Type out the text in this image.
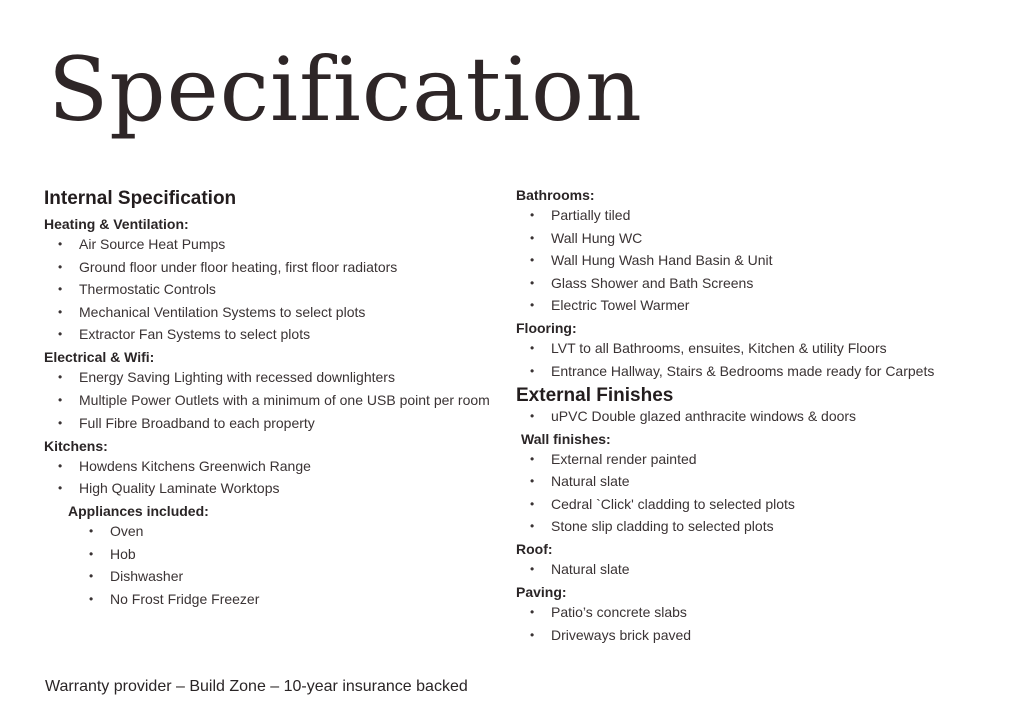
Specification
Internal Specification
Heating & Ventilation:
• Air Source Heat Pumps
• Ground floor under floor heating, first floor radiators
• Thermostatic Controls
• Mechanical Ventilation Systems to select plots
• Extractor Fan Systems to select plots
Electrical & Wifi:
• Energy Saving Lighting with recessed downlighters
• Multiple Power Outlets with a minimum of one USB point per room
• Full Fibre Broadband to each property
Kitchens:
• Howdens Kitchens Greenwich Range
• High Quality Laminate Worktops
Appliances included:
• Oven
• Hob
• Dishwasher
• No Frost Fridge Freezer
Bathrooms:
• Partially tiled
• Wall Hung WC
• Wall Hung Wash Hand Basin & Unit
• Glass Shower and Bath Screens
• Electric Towel Warmer
Flooring:
• LVT to all Bathrooms, ensuites, Kitchen & utility Floors
• Entrance Hallway, Stairs & Bedrooms made ready for Carpets
External Finishes
• uPVC Double glazed anthracite windows & doors
Wall finishes:
• External render painted
• Natural slate
• Cedral `Click' cladding to selected plots
• Stone slip cladding to selected plots
Roof:
• Natural slate
Paving:
• Patio’s concrete slabs
• Driveways brick paved
Warranty provider – Build Zone – 10-year insurance backed
